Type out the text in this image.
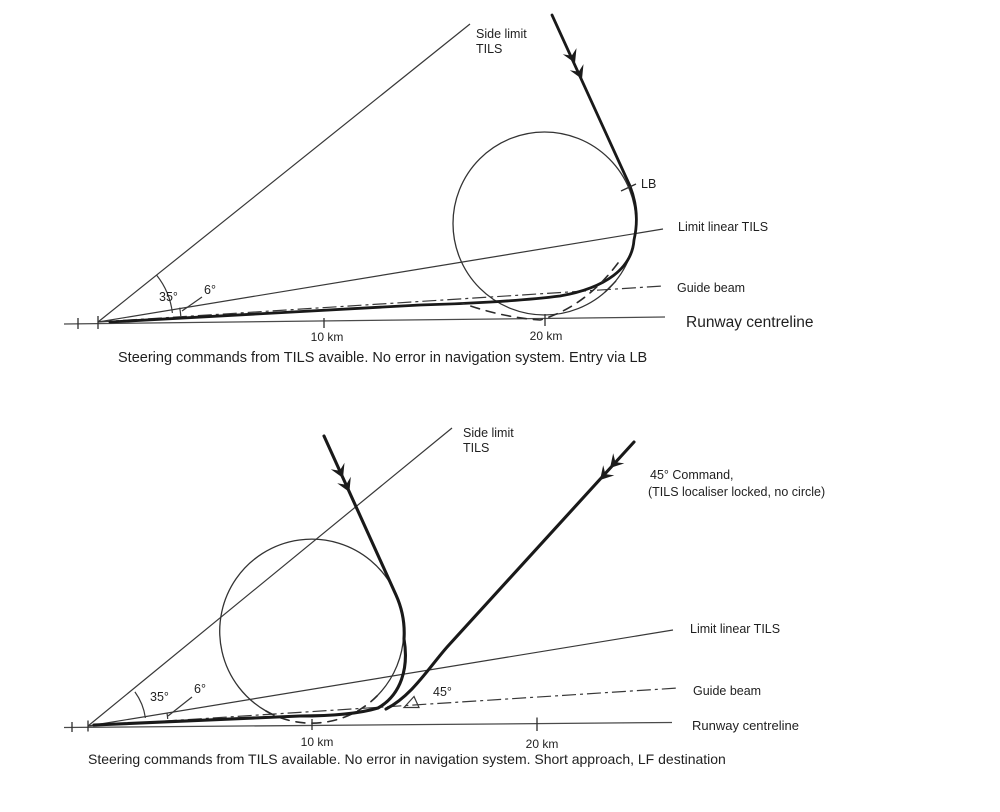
LB
35° 6°
Side limit
TILS
Limit linear TILS
Guide beam
Runway centreline
10 km	20 km
Steering commands from TILS avaible. No error in navigation system. Entry via LB
45°
35°
6°
Side limit
TILS
45° Command,
(TILS localiser locked, no circle)
Limit linear TILS
Guide beam
Runway centreline
10 km	20 km
Steering commands from TILS available. No error in navigation system. Short approach, LF destination
